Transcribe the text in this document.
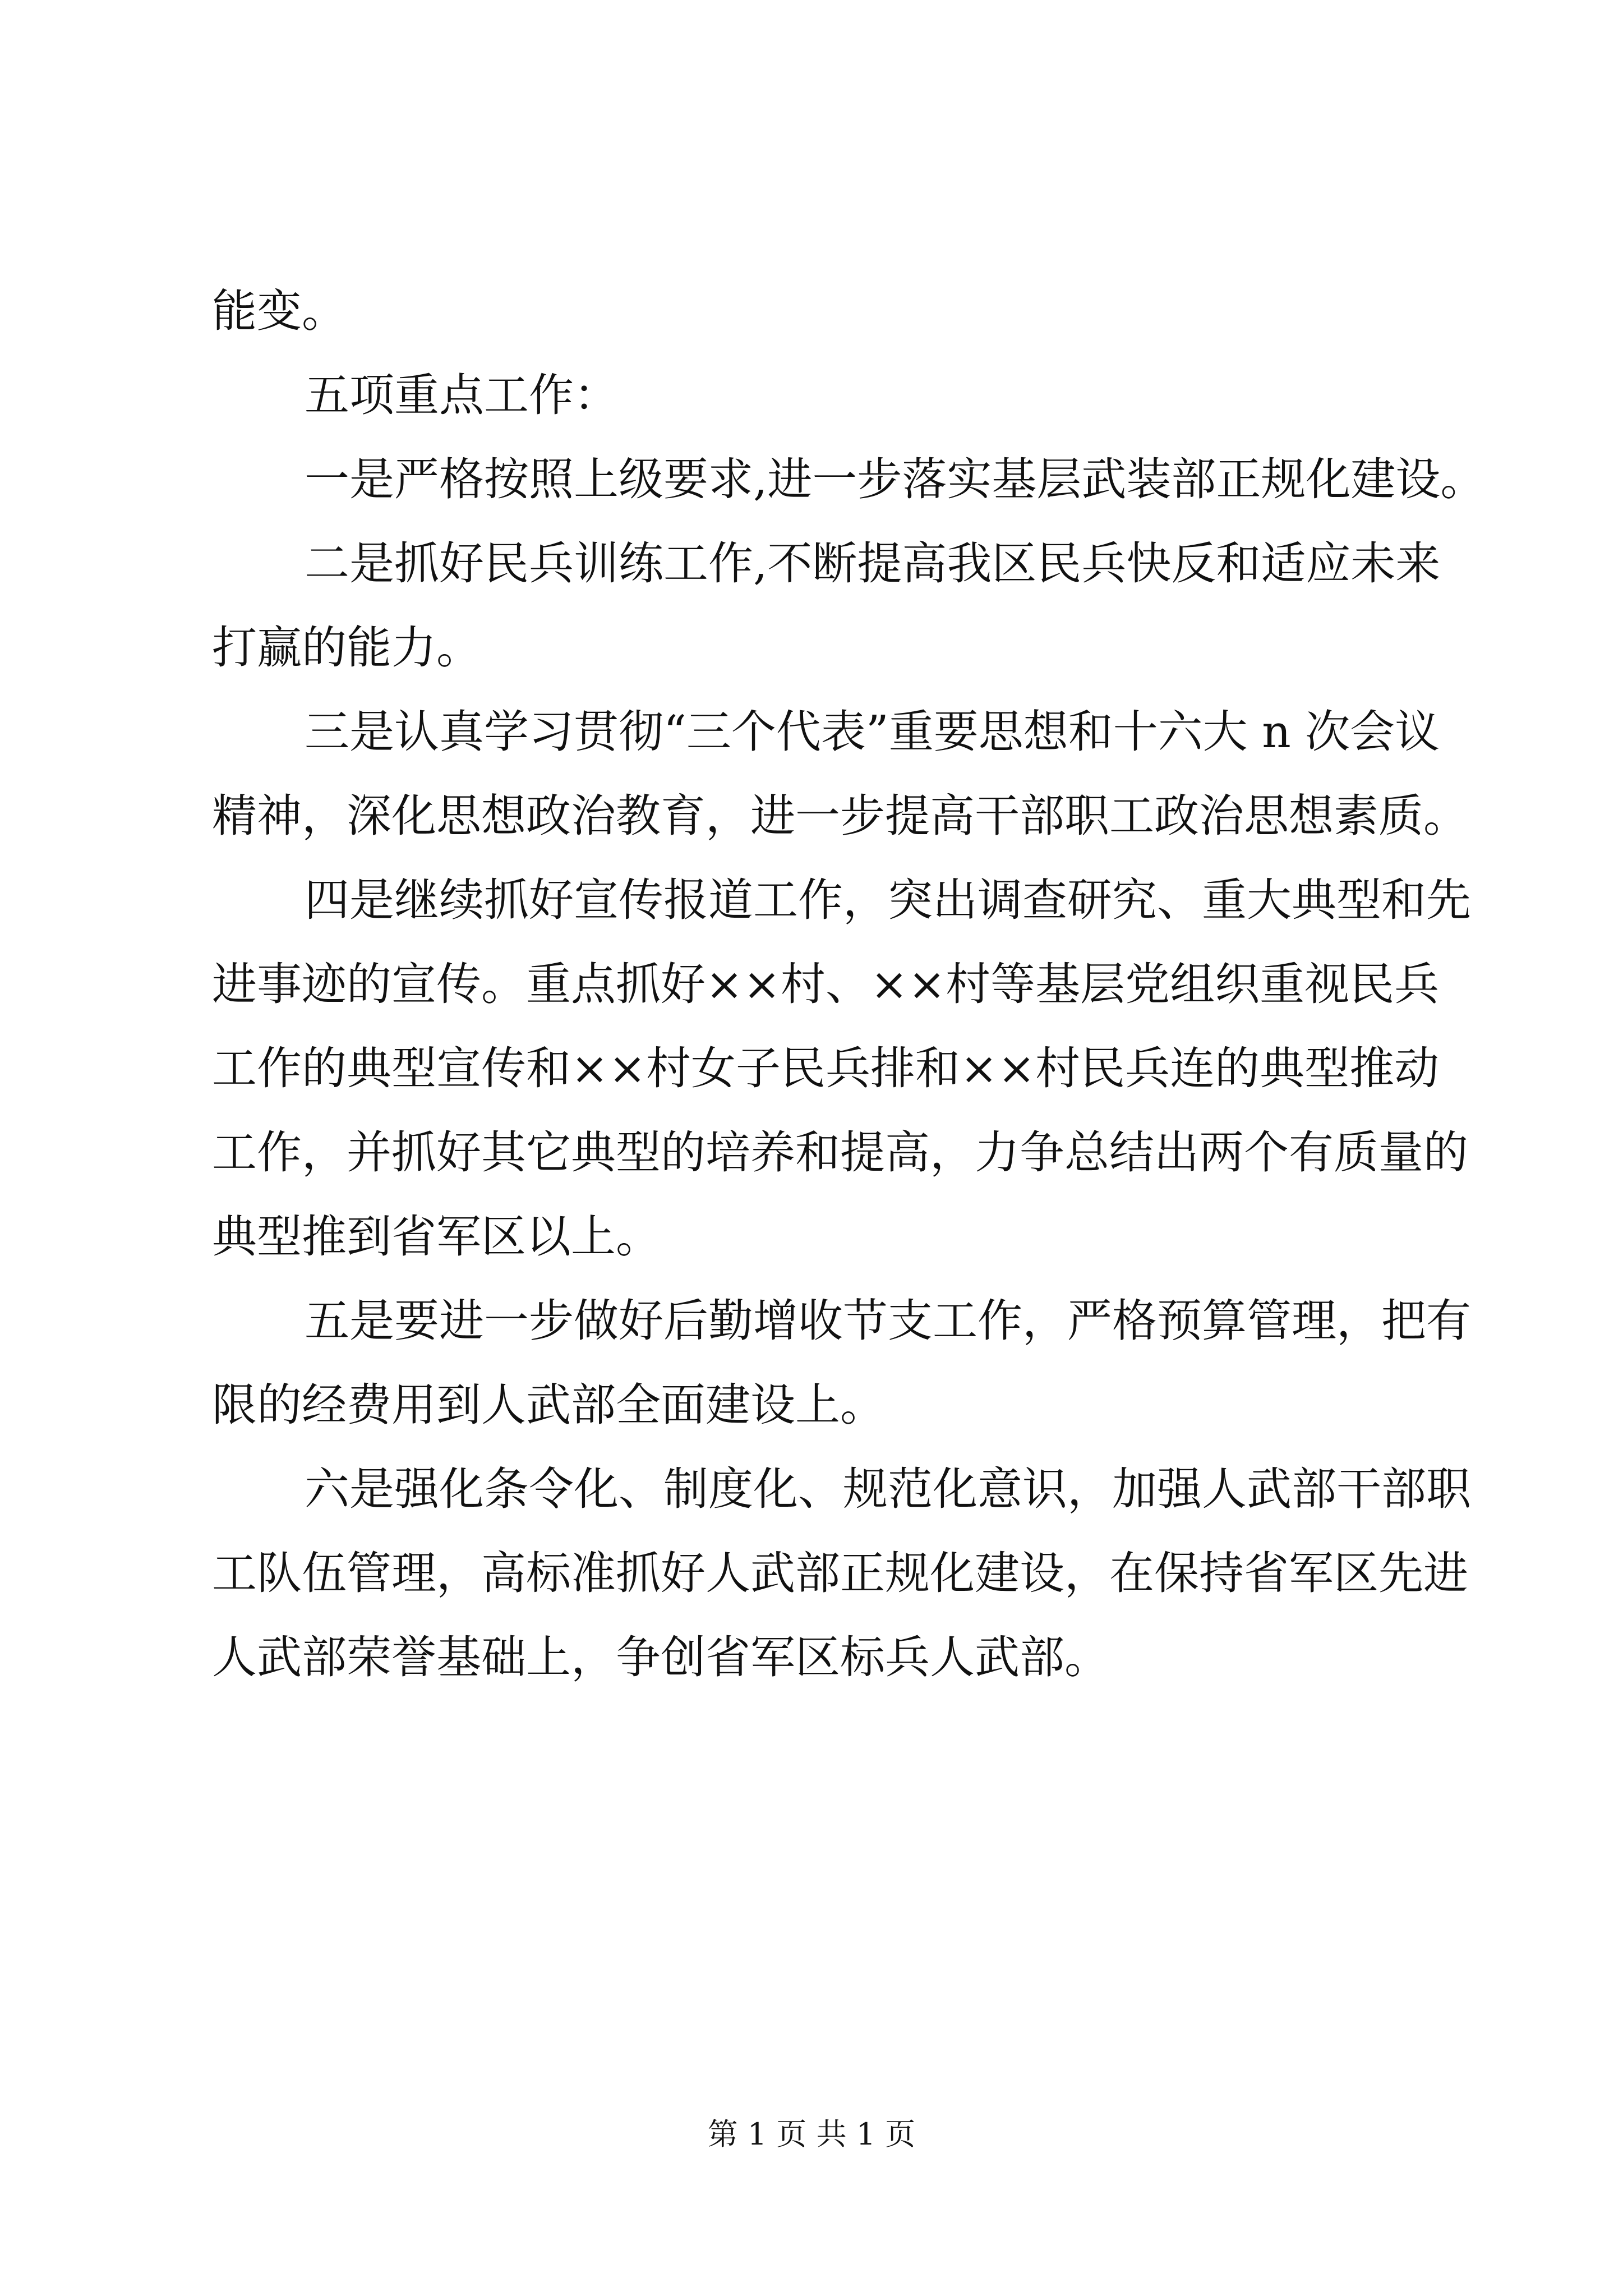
能变。
五项重点工作：
一是严格按照上级要求,进一步落实基层武装部正规化建设。
二是抓好民兵训练工作,不断提高我区民兵快反和适应未来
打赢的能力。
三是认真学习贯彻“三个代表”重要思想和十六大 n 次会议
精神，深化思想政治教育，进一步提高干部职工政治思想素质。
四是继续抓好宣传报道工作，突出调查研究、重大典型和先
进事迹的宣传。重点抓好××村、××村等基层党组织重视民兵
工作的典型宣传和××村女子民兵排和××村民兵连的典型推动
工作，并抓好其它典型的培养和提高，力争总结出两个有质量的
典型推到省军区以上。
五是要进一步做好后勤增收节支工作，严格预算管理，把有
限的经费用到人武部全面建设上。
六是强化条令化、制度化、规范化意识，加强人武部干部职
工队伍管理，高标准抓好人武部正规化建设，在保持省军区先进
人武部荣誉基础上，争创省军区标兵人武部。
第 1 页 共 1 页
